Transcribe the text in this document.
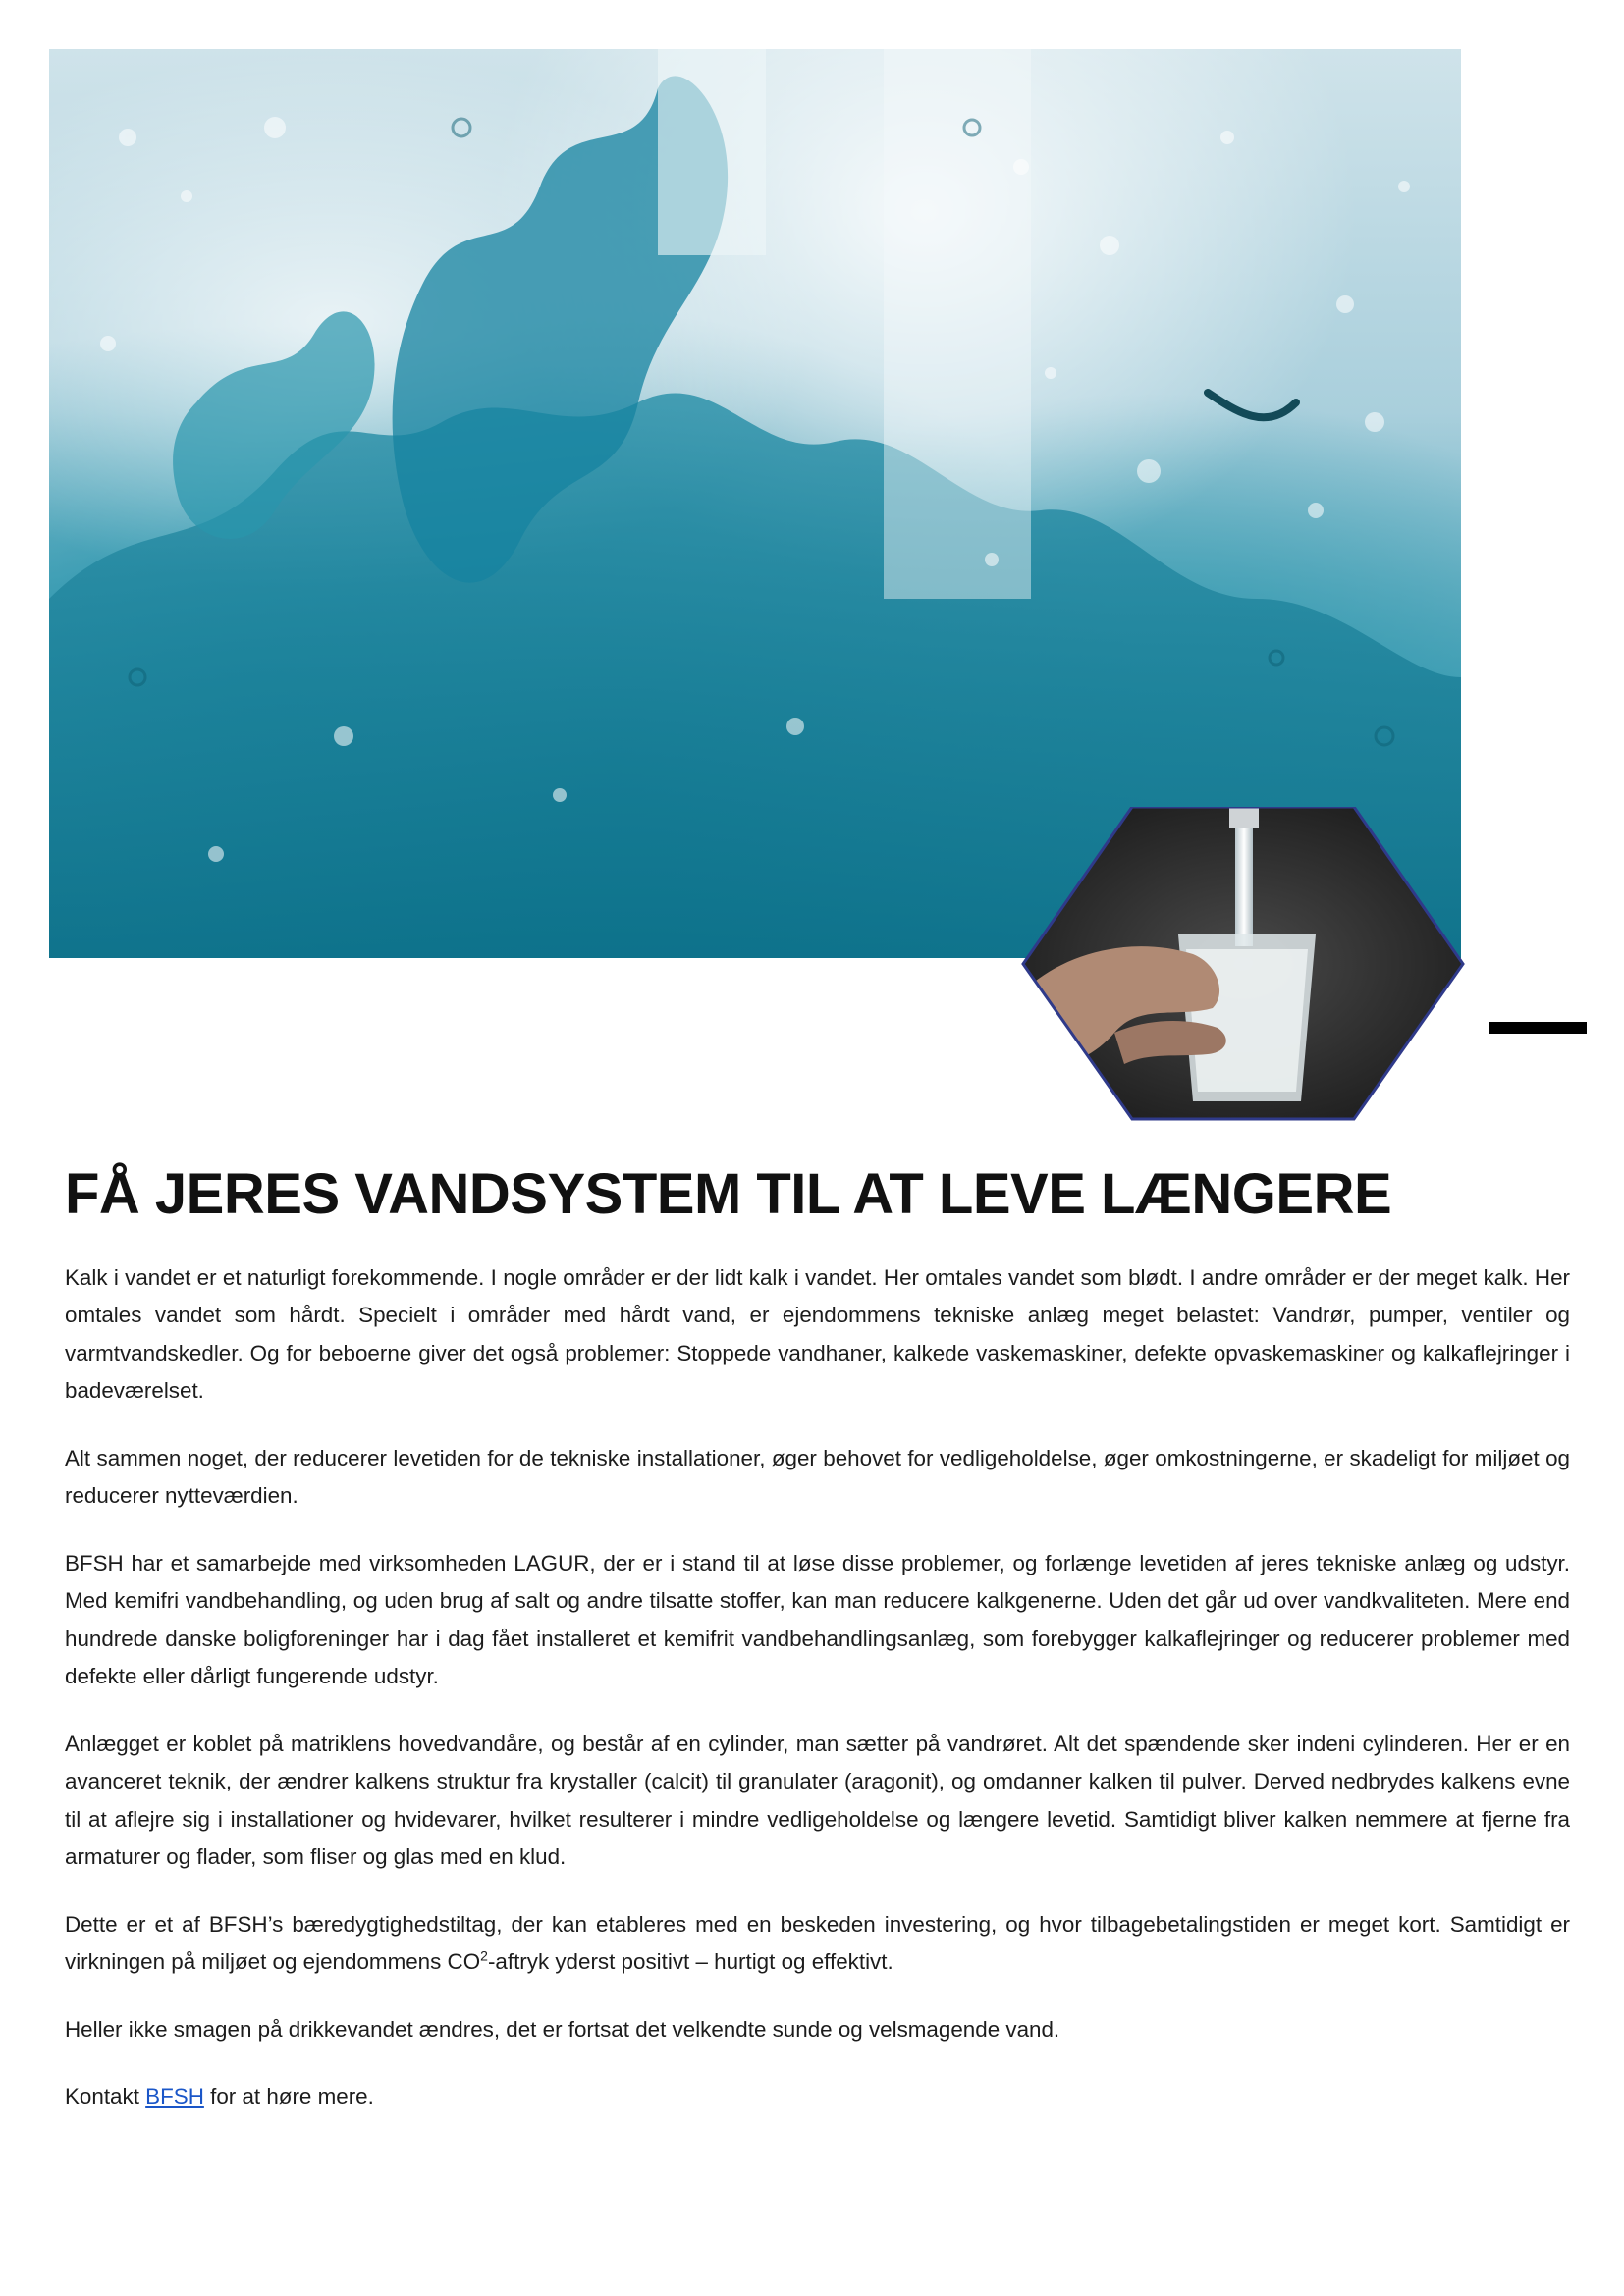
FÅ JERES VANDSYSTEM TIL AT LEVE LÆNGERE

Kalk i vandet er et naturligt forekommende. I nogle områder er der lidt kalk i vandet. Her omtales vandet som blødt. I andre områder er der meget kalk. Her omtales vandet som hårdt. Specielt i områder med hårdt vand, er ejendommens tekniske anlæg meget belastet: Vandrør, pumper, ventiler og varmtvandskedler. Og for beboerne giver det også problemer: Stoppede vandhaner, kalkede vaskemaskiner, defekte opvaskemaskiner og kalkaflejringer i badeværelset.

Alt sammen noget, der reducerer levetiden for de tekniske installationer, øger behovet for vedligeholdelse, øger omkostningerne, er skadeligt for miljøet og reducerer nytteværdien.

BFSH har et samarbejde med virksomheden LAGUR, der er i stand til at løse disse problemer, og forlænge levetiden af jeres tekniske anlæg og udstyr. Med kemifri vandbehandling, og uden brug af salt og andre tilsatte stoffer, kan man reducere kalkgenerne. Uden det går ud over vandkvaliteten. Mere end hundrede danske boligforeninger har i dag fået installeret et kemifrit vandbehandlingsanlæg, som forebygger kalkaflejringer og reducerer problemer med defekte eller dårligt fungerende udstyr.

Anlægget er koblet på matriklens hovedvandåre, og består af en cylinder, man sætter på vandrøret. Alt det spændende sker indeni cylinderen. Her er en avanceret teknik, der ændrer kalkens struktur fra krystaller (calcit) til granulater (aragonit), og omdanner kalken til pulver. Derved nedbrydes kalkens evne til at aflejre sig i installationer og hvidevarer, hvilket resulterer i mindre vedligeholdelse og længere levetid. Samtidigt bliver kalken nemmere at fjerne fra armaturer og flader, som fliser og glas med en klud.

Dette er et af BFSH’s bæredygtighedstiltag, der kan etableres med en beskeden investering, og hvor tilbagebetalingstiden er meget kort. Samtidigt er virkningen på miljøet og ejendommens $CO^2$-aftryk yderst positivt – hurtigt og effektivt.

Heller ikke smagen på drikkevandet ændres, det er fortsat det velkendte sunde og velsmagende vand.

Kontakt BFSH for at høre mere.
